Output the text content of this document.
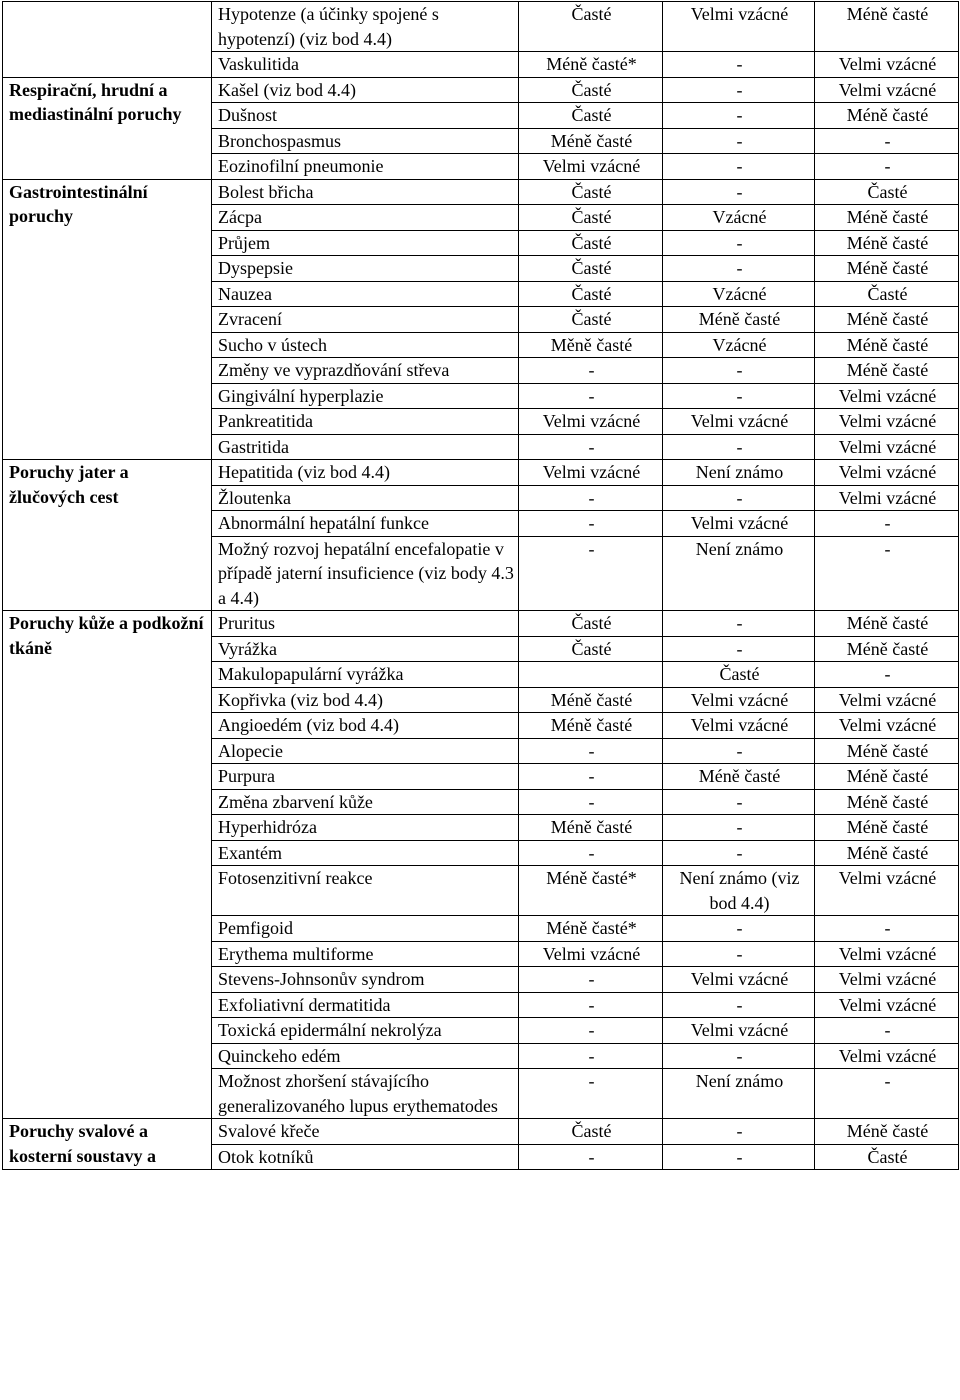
	Hypotenze (a účinky spojené s hypotenzí) (viz bod 4.4)	Časté	Velmi vzácné	Méně časté
	Vaskulitida	Méně časté*	-	Velmi vzácné
Respirační, hrudní a mediastinální poruchy	Kašel (viz bod 4.4)	Časté	-	Velmi vzácné
	Dušnost	Časté	-	Méně časté
	Bronchospasmus	Méně časté	-	-
	Eozinofilní pneumonie	Velmi vzácné	-	-
Gastrointestinální poruchy	Bolest břicha	Časté	-	Časté
	Zácpa	Časté	Vzácné	Méně časté
	Průjem	Časté	-	Méně časté
	Dyspepsie	Časté	-	Méně časté
	Nauzea	Časté	Vzácné	Časté
	Zvracení	Časté	Méně časté	Méně časté
	Sucho v ústech	Měně časté	Vzácné	Méně časté
	Změny ve vyprazdňování střeva	-	-	Méně časté
	Gingivální hyperplazie	-	-	Velmi vzácné
	Pankreatitida	Velmi vzácné	Velmi vzácné	Velmi vzácné
	Gastritida	-	-	Velmi vzácné
Poruchy jater a žlučových cest	Hepatitida (viz bod 4.4)	Velmi vzácné	Není známo	Velmi vzácné
	Žloutenka	-	-	Velmi vzácné
	Abnormální hepatální funkce	-	Velmi vzácné	-
	Možný rozvoj hepatální encefalopatie v případě jaterní insuficience (viz body 4.3 a 4.4)	-	Není známo	-
Poruchy kůže a podkožní tkáně	Pruritus	Časté	-	Méně časté
	Vyrážka	Časté	-	Méně časté
	Makulopapulární vyrážka		Časté	-
	Kopřivka (viz bod 4.4)	Méně časté	Velmi vzácné	Velmi vzácné
	Angioedém (viz bod 4.4)	Méně časté	Velmi vzácné	Velmi vzácné
	Alopecie	-	-	Méně časté
	Purpura	-	Méně časté	Méně časté
	Změna zbarvení kůže	-	-	Méně časté
	Hyperhidróza	Méně časté	-	Méně časté
	Exantém	-	-	Méně časté
	Fotosenzitivní reakce	Méně časté*	Není známo (viz bod 4.4)	Velmi vzácné
	Pemfigoid	Méně časté*	-	-
	Erythema multiforme	Velmi vzácné	-	Velmi vzácné
	Stevens-Johnsonův syndrom	-	Velmi vzácné	Velmi vzácné
	Exfoliativní dermatitida	-	-	Velmi vzácné
	Toxická epidermální nekrolýza	-	Velmi vzácné	-
	Quinckeho edém	-	-	Velmi vzácné
	Možnost zhoršení stávajícího generalizovaného lupus erythematodes	-	Není známo	-
Poruchy svalové a kosterní soustavy a	Svalové křeče	Časté	-	Méně časté
	Otok kotníků	-	-	Časté
